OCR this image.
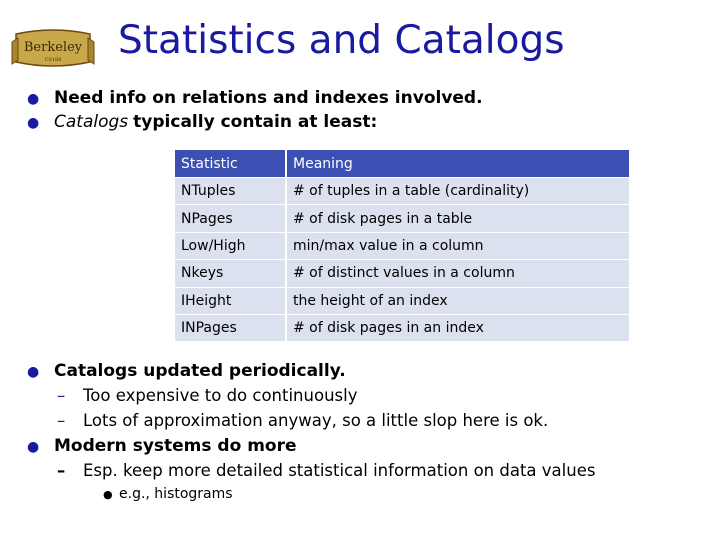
Berkeley
CS186 Statistics and Catalogs
● Need info on relations and indexes involved.
● Catalogs typically contain at least:
Statistic	Meaning
NTuples	# of tuples in a table (cardinality)
NPages	# of disk pages in a table
Low/High	min/max value in a column
Nkeys	# of distinct values in a column
IHeight	the height of an index
INPages	# of disk pages in an index
● Catalogs updated periodically.
–	Too expensive to do continuously
–	Lots of approximation anyway, so a little slop here is ok.
● Modern systems do more
–	Esp. keep more detailed statistical information on data values
● e.g., histograms
